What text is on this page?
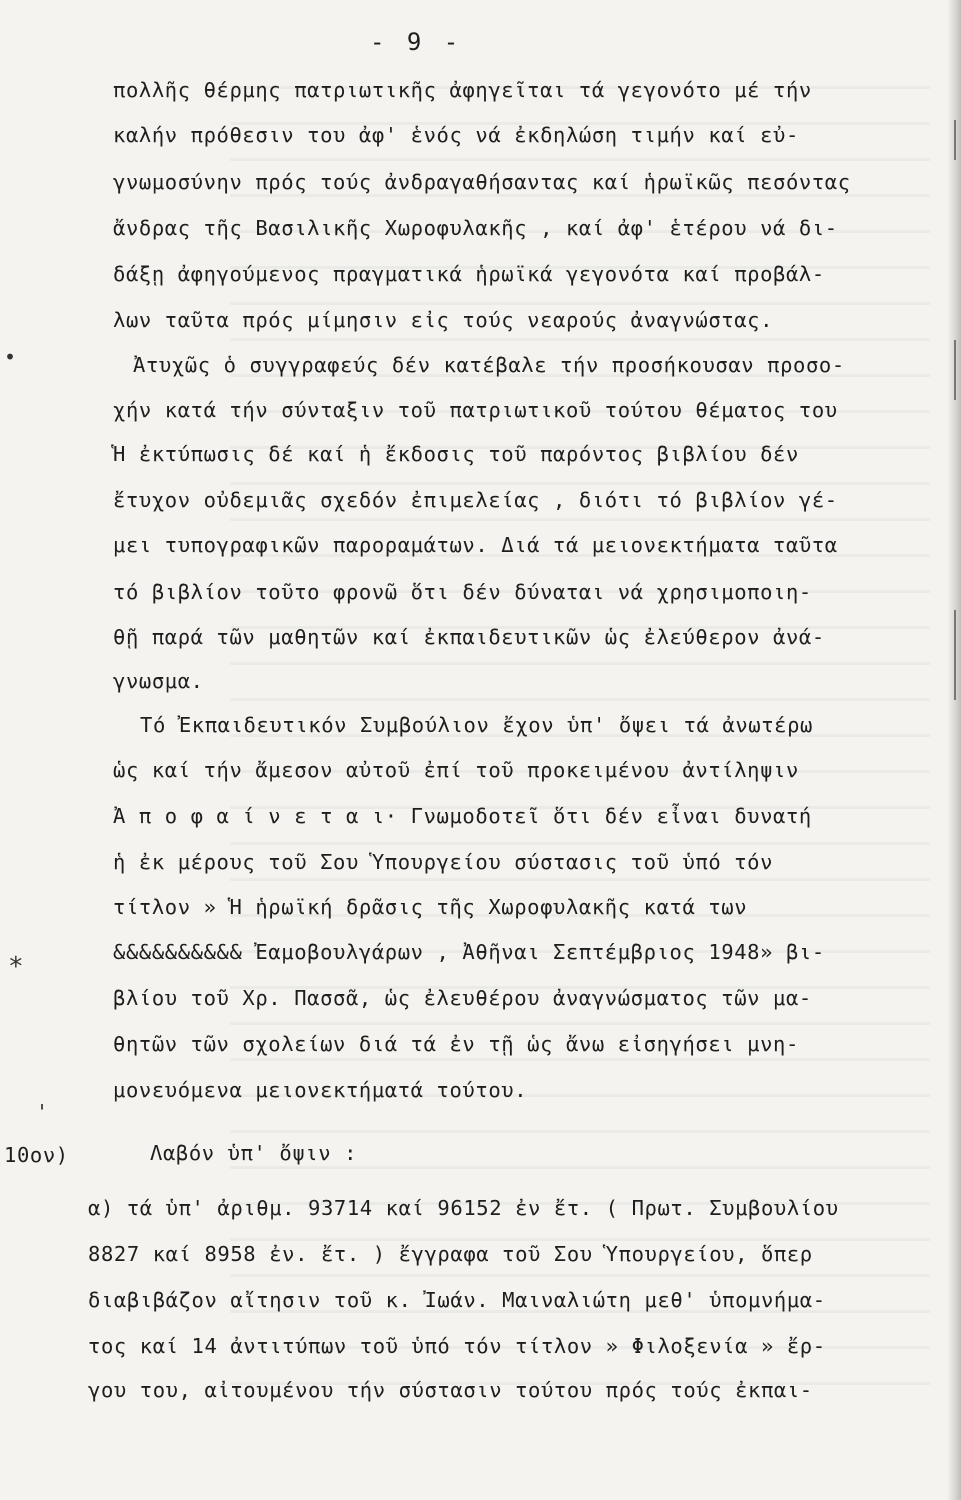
- 9 -
•
*
'
10ον)
πολλῆς θέρμης πατριωτικῆς ἀφηγεῖται τά γεγονότο μέ τήν
καλήν πρόθεσιν του ἀφ' ἑνός νά ἐκδηλώση τιμήν καί εὐ-
γνωμοσύνην πρός τούς ἀνδραγαθήσαντας καί ἡρωϊκῶς πεσόντας
ἄνδρας τῆς Βασιλικῆς Χωροφυλακῆς , καί ἀφ' ἑτέρου νά δι-
δάξῃ ἀφηγούμενος πραγματικά ἡρωϊκά γεγονότα καί προβάλ-
λων ταῦτα πρός μίμησιν εἰς τούς νεαρούς ἀναγνώστας.
Ἀτυχῶς ὁ συγγραφεύς δέν κατέβαλε τήν προσήκουσαν προσο-
χήν κατά τήν σύνταξιν τοῦ πατριωτικοῦ τούτου θέματος του
Ἡ ἐκτύπωσις δέ καί ἡ ἔκδοσις τοῦ παρόντος βιβλίου δέν
ἔτυχον οὐδεμιᾶς σχεδόν ἐπιμελείας , διότι τό βιβλίον γέ-
μει τυπογραφικῶν παροραμάτων. Διά τά μειονεκτήματα ταῦτα
τό βιβλίον τοῦτο φρονῶ ὅτι δέν δύναται νά χρησιμοποιη-
θῇ παρά τῶν μαθητῶν καί ἐκπαιδευτικῶν ὡς ἐλεύθερον ἀνά-
γνωσμα.
Τό Ἐκπαιδευτικόν Συμβούλιον ἔχον ὑπ' ὄψει τά ἀνωτέρω
ὡς καί τήν ἄμεσον αὐτοῦ ἐπί τοῦ προκειμένου ἀντίληψιν
Ἀ π ο φ α ί ν ε τ α ι· Γνωμοδοτεῖ ὅτι δέν εἶναι δυνατή
ἡ ἐκ μέρους τοῦ Σου Ὑπουργείου σύστασις τοῦ ὑπό τόν
τίτλον » Ἡ ἡρωϊκή δρᾶσις τῆς Χωροφυλακῆς κατά των
&&&&&&&&&& Ἐαμοβουλγάρων , Ἀθῆναι Σεπτέμβριος 1948» βι-
βλίου τοῦ Χρ. Πασσᾶ, ὡς ἐλευθέρου ἀναγνώσματος τῶν μα-
θητῶν τῶν σχολείων διά τά ἐν τῇ ὡς ἄνω εἰσηγήσει μνη-
μονευόμενα μειονεκτήματά τούτου.
Λαβόν ὑπ' ὄψιν :
α) τά ὑπ' ἀριθμ. 93714 καί 96152 ἐν ἔτ. ( Πρωτ. Συμβουλίου
8827 καί 8958 ἐν. ἔτ. ) ἔγγραφα τοῦ Σου Ὑπουργείου, ὅπερ
διαβιβάζον αἴτησιν τοῦ κ. Ἰωάν. Μαιναλιώτη μεθ' ὑπομνήμα-
τος καί 14 ἀντιτύπων τοῦ ὑπό τόν τίτλον » Φιλοξενία » ἔρ-
γου του, αἰτουμένου τήν σύστασιν τούτου πρός τούς ἐκπαι-
